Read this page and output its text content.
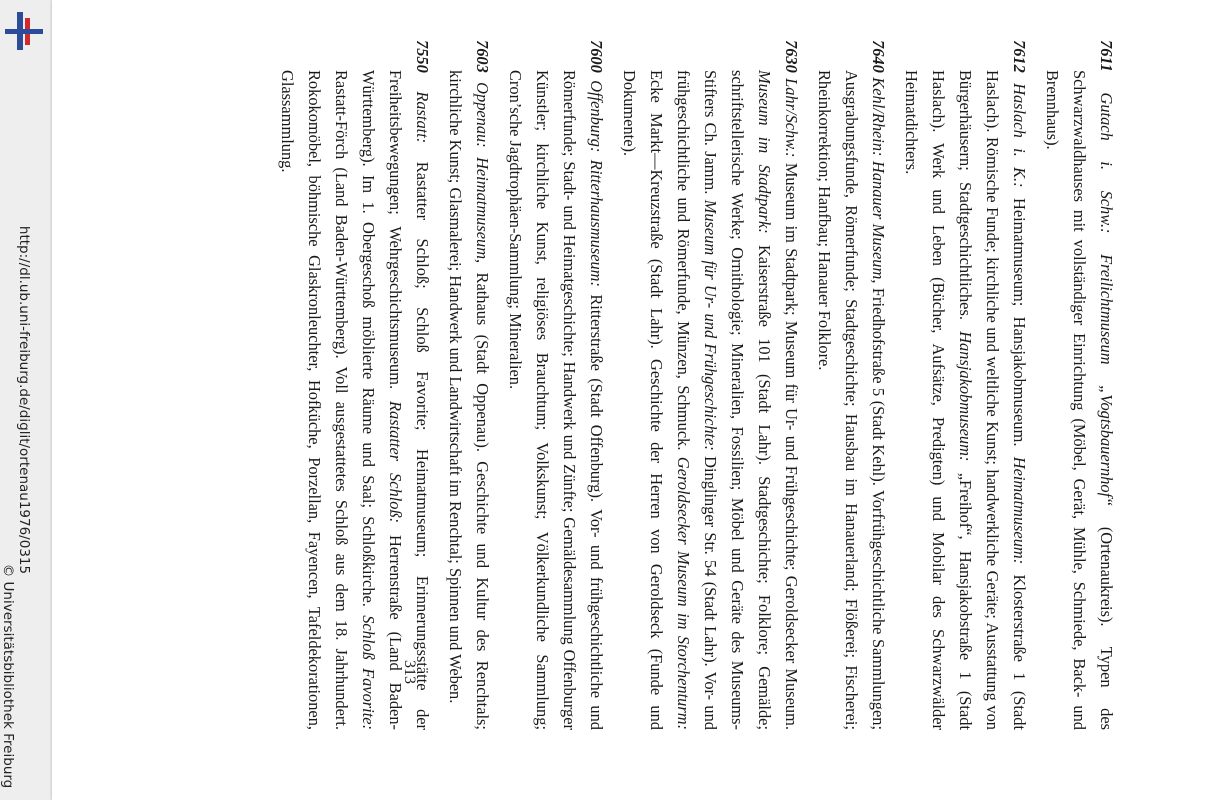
http://dl.ub.uni-freiburg.de/diglit/ortenau1976/0315
© Universitätsbibliothek Freiburg

7611 Gutach i. Schw.: Freilichtmuseum „Vogtsbauernhof“ (Ortenaukreis). Typen des Schwarzwaldhauses mit vollständiger Einrichtung (Möbel, Gerät, Mühle, Schmiede, Back- und Brennhaus).

7612 Haslach i. K.: Heimatmuseum; Hansjakobmuseum. Heimatmuseum: Klosterstraße 1 (Stadt Haslach). Römische Funde; kirchliche und weltliche Kunst; handwerkliche Geräte; Ausstattung von Bürgerhäusern; Stadtgeschichtliches. Hansjakobmuseum: „Freihof“, Hansjakobstraße 1 (Stadt Haslach). Werk und Leben (Bücher, Aufsätze, Predigten) und Mobilar des Schwarzwälder Heimatdichters.

7640 Kehl/Rhein: Hanauer Museum, Friedhofstraße 5 (Stadt Kehl). Vorfrühgeschichtliche Sammlungen; Ausgrabungsfunde, Römerfunde; Stadtgeschichte; Hausbau im Hanauerland; Flößerei; Fischerei; Rheinkorrektion; Hanfbau; Hanauer Folklore.

7630 Lahr/Schw.: Museum im Stadtpark; Museum für Ur- und Frühgeschichte; Geroldsecker Museum. Museum im Stadtpark: Kaiserstraße 101 (Stadt Lahr). Stadtgeschichte; Folklore; Gemälde; schriftstellerische Werke; Ornithologie; Mineralien, Fossilien; Möbel und Geräte des Museums-Stifters Ch. Jamm. Museum für Ur- und Frühgeschichte: Dinglinger Str. 54 (Stadt Lahr). Vor- und frühgeschichtliche und Römerfunde, Münzen, Schmuck. Geroldsecker Museum im Storchenturm: Ecke Markt—Kreuzstraße (Stadt Lahr). Geschichte der Herren von Geroldseck (Funde und Dokumente).

7600 Offenburg: Ritterhausmuseum: Ritterstraße (Stadt Offenburg). Vor- und frühgeschichtliche und Römerfunde; Stadt- und Heimatgeschichte; Handwerk und Zünfte; Gemäldesammlung Offenburger Künstler; kirchliche Kunst, religiöses Brauchtum; Volkskunst; Völkerkundliche Sammlung; Cron’sche Jagdtrophäen-Sammlung; Mineralien.

7603 Oppenau: Heimatmuseum, Rathaus (Stadt Oppenau). Geschichte und Kultur des Renchtals; kirchliche Kunst; Glasmalerei; Handwerk und Landwirtschaft im Renchtal; Spinnen und Weben.

7550 Rastatt: Rastatter Schloß; Schloß Favorite; Heimatmuseum; Erinnerungsstätte der Freiheitsbewegungen; Wehrgeschichtsmuseum. Rastatter Schloß: Herrenstraße (Land Baden-Württemberg). Im 1. Obergeschoß möblierte Räume und Saal; Schloßkirche. Schloß Favorite: Rastatt-Förch (Land Baden-Württemberg). Voll ausgestattetes Schloß aus dem 18. Jahrhundert. Rokokomöbel, böhmische Glaskronleuchter, Hofküche, Porzellan, Fayencen, Tafeldekorationen, Glassammlung.

313
